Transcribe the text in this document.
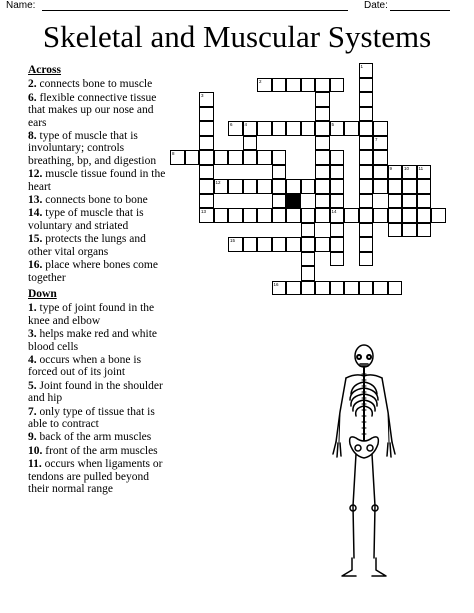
Name:	Date:
Skeletal and Muscular Systems
Across
2. connects bone to muscle
6. flexible connective tissue that makes up our nose and ears
8. type of muscle that is involuntary; controls breathing, bp, and digestion
12. muscle tissue found in the heart
13. connects bone to bone
14. type of muscle that is voluntary and striated
15. protects the lungs and other vital organs
16. place where bones come together
Down
1. type of joint found in the knee and elbow
3. helps make red and white blood cells
4. occurs when a bone is forced out of its joint
5. Joint found in the shoulder and hip
7. only type of tissue that is able to contract
9. back of the arm muscles
10. front of the arm muscles
11. occurs when ligaments or tendons are pulled beyond their normal range
2
4	5
8
12
13	14
15
16
1
3
7
9	10 11
6
